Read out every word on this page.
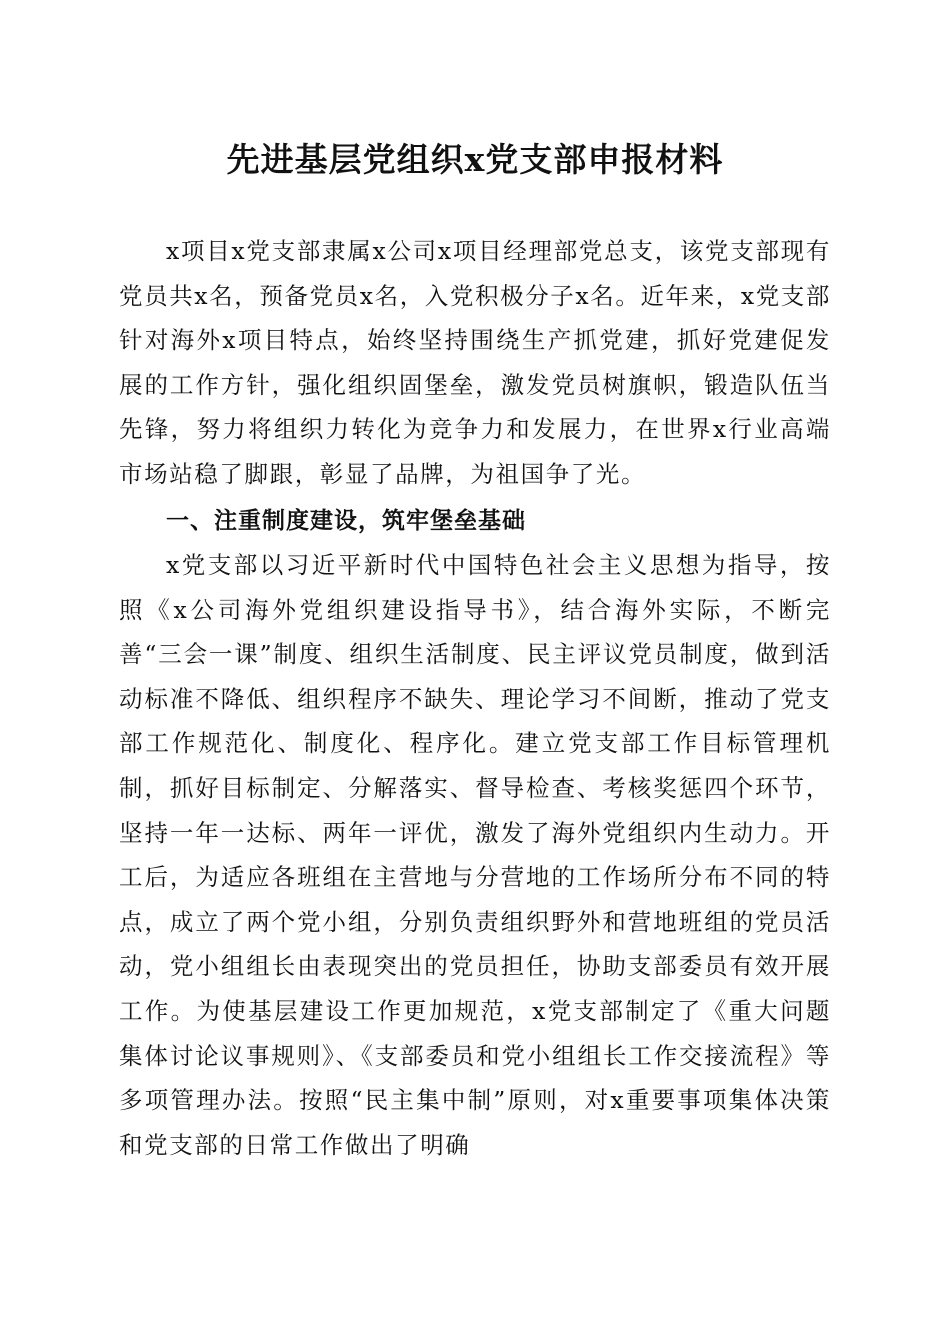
先进基层党组织x党支部申报材料

x项目x党支部隶属x公司x项目经理部党总支，该党支部现有党员共x名，预备党员x名，入党积极分子x名。近年来，x党支部针对海外x项目特点，始终坚持围绕生产抓党建，抓好党建促发展的工作方针，强化组织固堡垒，激发党员树旗帜，锻造队伍当先锋，努力将组织力转化为竞争力和发展力，在世界x行业高端市场站稳了脚跟，彰显了品牌，为祖国争了光。

一、注重制度建设，筑牢堡垒基础

x党支部以习近平新时代中国特色社会主义思想为指导，按照《x公司海外党组织建设指导书》，结合海外实际，不断完善“三会一课”制度、组织生活制度、民主评议党员制度，做到活动标准不降低、组织程序不缺失、理论学习不间断，推动了党支部工作规范化、制度化、程序化。建立党支部工作目标管理机制，抓好目标制定、分解落实、督导检查、考核奖惩四个环节，坚持一年一达标、两年一评优，激发了海外党组织内生动力。开工后，为适应各班组在主营地与分营地的工作场所分布不同的特点，成立了两个党小组，分别负责组织野外和营地班组的党员活动，党小组组长由表现突出的党员担任，协助支部委员有效开展工作。为使基层建设工作更加规范，x党支部制定了《重大问题集体讨论议事规则》、《支部委员和党小组组长工作交接流程》等多项管理办法。按照“民主集中制”原则，对x重要事项集体决策和党支部的日常工作做出了明确
